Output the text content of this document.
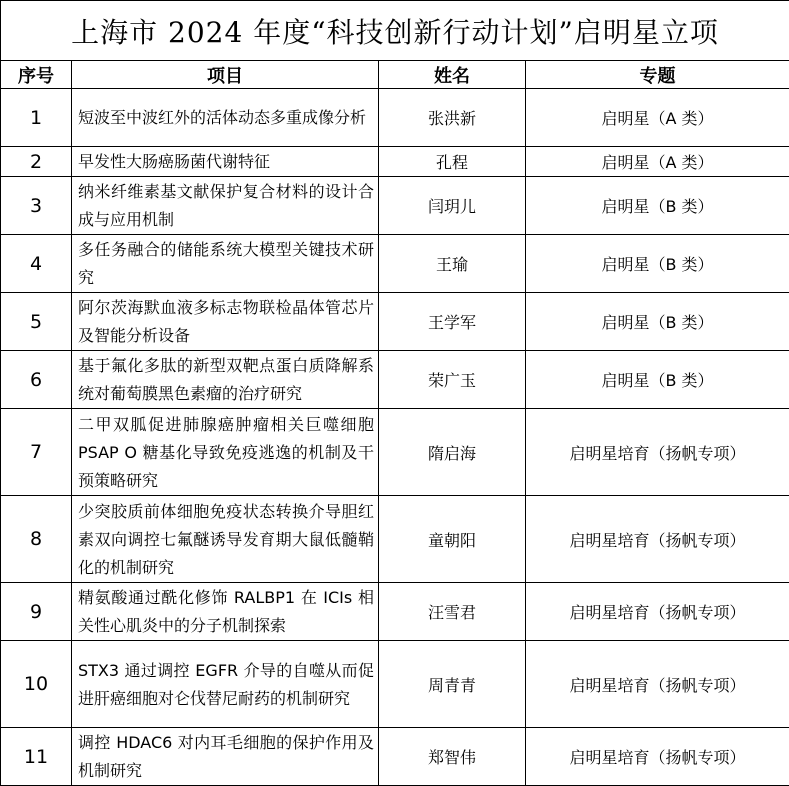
上海市 2024 年度“科技创新行动计划”启明星立项			
序号	项目	姓名	专题
1	短波至中波红外的活体动态多重成像分析	张洪新	启明星（A 类）
2	早发性大肠癌肠菌代谢特征	孔程	启明星（A 类）
3	纳米纤维素基文献保护复合材料的设计合成与应用机制	闫玥儿	启明星（B 类）
4	多任务融合的储能系统大模型关键技术研究	王瑜	启明星（B 类）
5	阿尔茨海默血液多标志物联检晶体管芯片及智能分析设备	王学军	启明星（B 类）
6	基于氟化多肽的新型双靶点蛋白质降解系统对葡萄膜黑色素瘤的治疗研究	荣广玉	启明星（B 类）
7	二甲双胍促进肺腺癌肿瘤相关巨噬细胞 PSAP O 糖基化导致免疫逃逸的机制及干预策略研究	隋启海	启明星培育（扬帆专项）
8	少突胶质前体细胞免疫状态转换介导胆红素双向调控七氟醚诱导发育期大鼠低髓鞘化的机制研究	童朝阳	启明星培育（扬帆专项）
9	精氨酸通过酰化修饰 RALBP1 在 ICIs 相关性心肌炎中的分子机制探索	汪雪君	启明星培育（扬帆专项）
10	STX3 通过调控 EGFR 介导的自噬从而促进肝癌细胞对仑伐替尼耐药的机制研究	周青青	启明星培育（扬帆专项）
11	调控 HDAC6 对内耳毛细胞的保护作用及机制研究	郑智伟	启明星培育（扬帆专项）
